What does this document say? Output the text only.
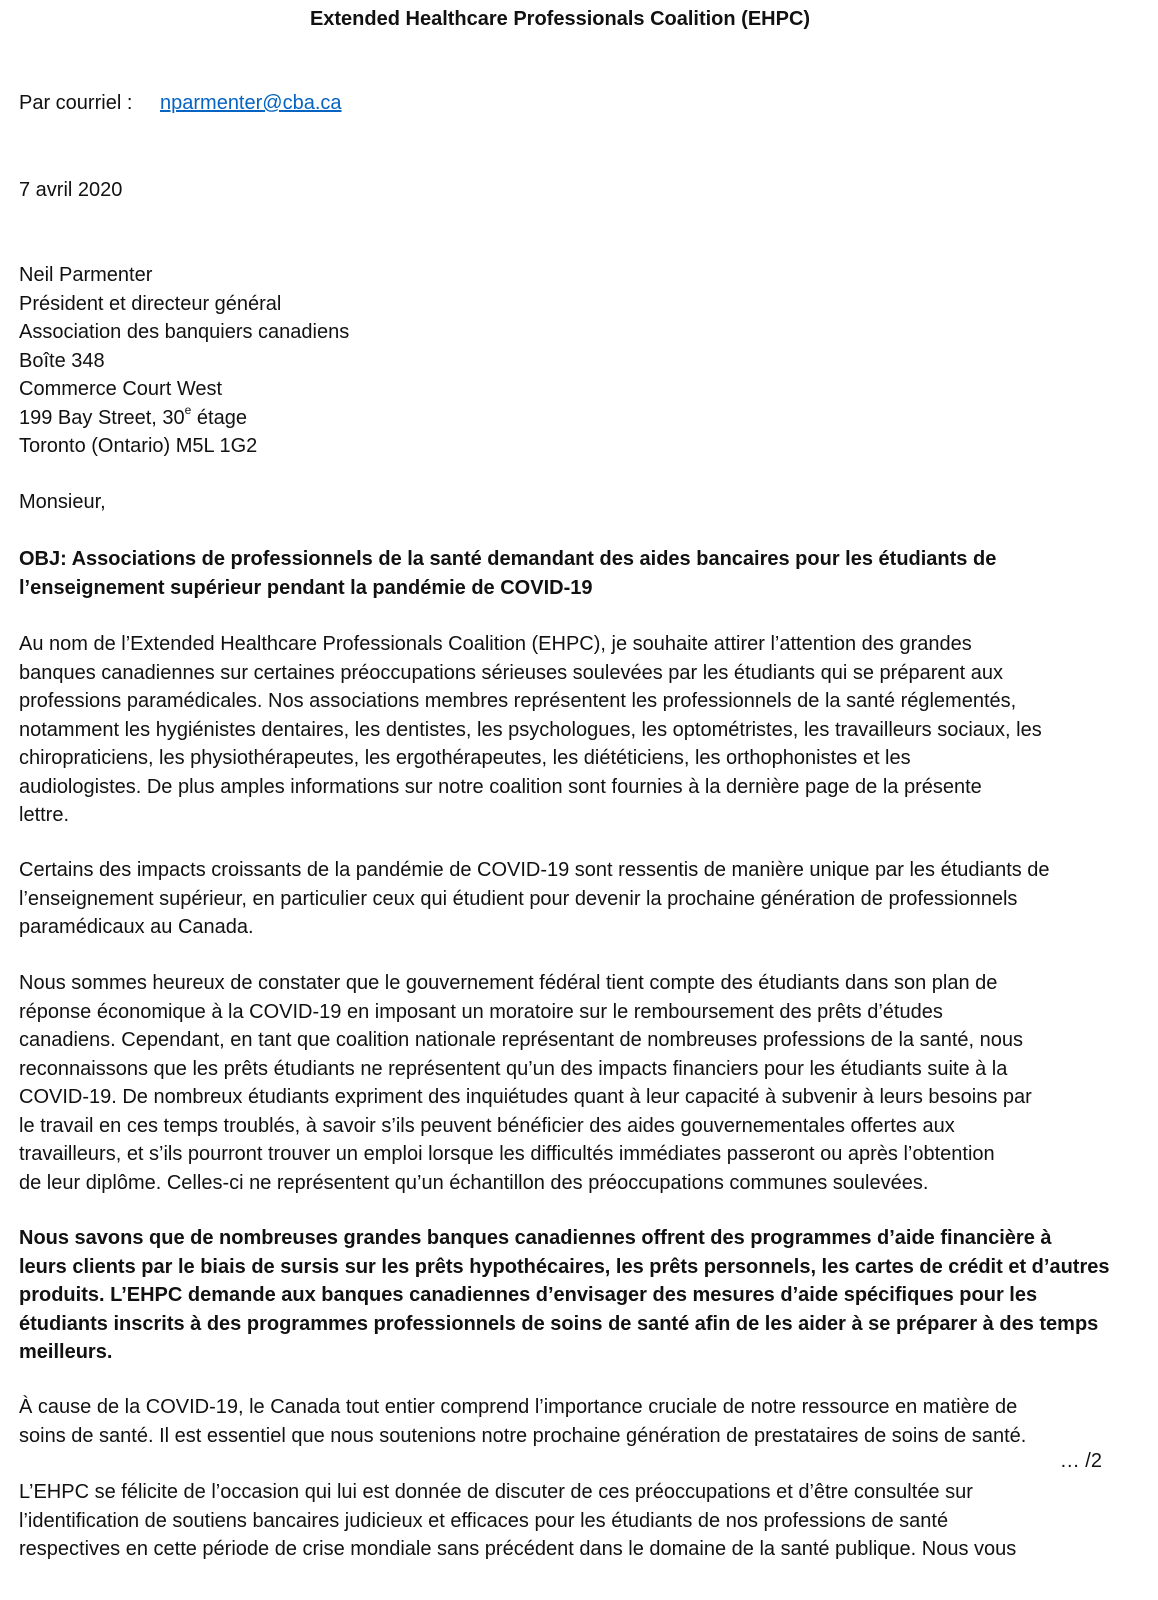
Extended Healthcare Professionals Coalition (EHPC)
Par courriel : nparmenter@cba.ca
7 avril 2020
Neil Parmenter
Président et directeur général
Association des banquiers canadiens
Boîte 348
Commerce Court West
199 Bay Street, 30e étage
Toronto (Ontario) M5L 1G2
Monsieur,
OBJ: Associations de professionnels de la santé demandant des aides bancaires pour les étudiants de
l’enseignement supérieur pendant la pandémie de COVID-19
Au nom de l’Extended Healthcare Professionals Coalition (EHPC), je souhaite attirer l’attention des grandes
banques canadiennes sur certaines préoccupations sérieuses soulevées par les étudiants qui se préparent aux
professions paramédicales. Nos associations membres représentent les professionnels de la santé réglementés,
notamment les hygiénistes dentaires, les dentistes, les psychologues, les optométristes, les travailleurs sociaux, les
chiropraticiens, les physiothérapeutes, les ergothérapeutes, les diététiciens, les orthophonistes et les
audiologistes. De plus amples informations sur notre coalition sont fournies à la dernière page de la présente
lettre.
Certains des impacts croissants de la pandémie de COVID-19 sont ressentis de manière unique par les étudiants de
l’enseignement supérieur, en particulier ceux qui étudient pour devenir la prochaine génération de professionnels
paramédicaux au Canada.
Nous sommes heureux de constater que le gouvernement fédéral tient compte des étudiants dans son plan de
réponse économique à la COVID-19 en imposant un moratoire sur le remboursement des prêts d’études
canadiens. Cependant, en tant que coalition nationale représentant de nombreuses professions de la santé, nous
reconnaissons que les prêts étudiants ne représentent qu’un des impacts financiers pour les étudiants suite à la
COVID-19. De nombreux étudiants expriment des inquiétudes quant à leur capacité à subvenir à leurs besoins par
le travail en ces temps troublés, à savoir s’ils peuvent bénéficier des aides gouvernementales offertes aux
travailleurs, et s’ils pourront trouver un emploi lorsque les difficultés immédiates passeront ou après l’obtention
de leur diplôme. Celles-ci ne représentent qu’un échantillon des préoccupations communes soulevées.
Nous savons que de nombreuses grandes banques canadiennes offrent des programmes d’aide financière à
leurs clients par le biais de sursis sur les prêts hypothécaires, les prêts personnels, les cartes de crédit et d’autres
produits. L’EHPC demande aux banques canadiennes d’envisager des mesures d’aide spécifiques pour les
étudiants inscrits à des programmes professionnels de soins de santé afin de les aider à se préparer à des temps
meilleurs.
À cause de la COVID-19, le Canada tout entier comprend l’importance cruciale de notre ressource en matière de
soins de santé. Il est essentiel que nous soutenions notre prochaine génération de prestataires de soins de santé.
… /2
L’EHPC se félicite de l’occasion qui lui est donnée de discuter de ces préoccupations et d’être consultée sur
l’identification de soutiens bancaires judicieux et efficaces pour les étudiants de nos professions de santé
respectives en cette période de crise mondiale sans précédent dans le domaine de la santé publique. Nous vous
